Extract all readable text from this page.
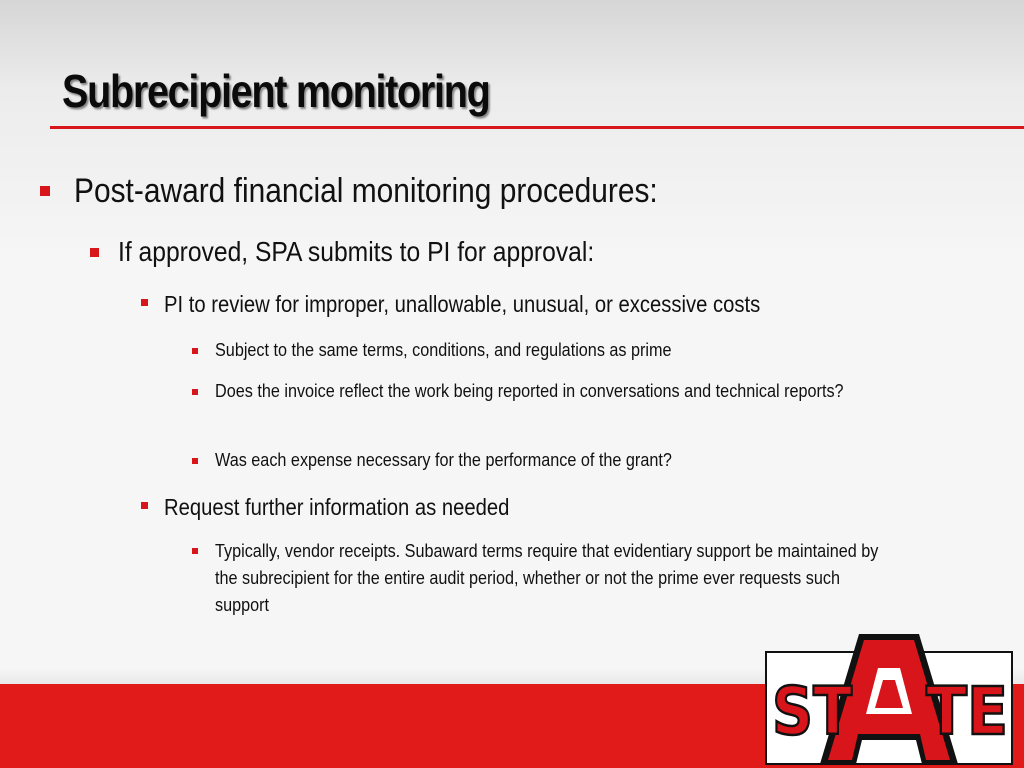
Subrecipient monitoring
Post-award financial monitoring procedures:
If approved, SPA submits to PI for approval:
PI to review for improper, unallowable, unusual, or excessive costs
Subject to the same terms, conditions, and regulations as prime
Does the invoice reflect the work being reported in conversations and technical reports?
Was each expense necessary for the performance of the grant?
Request further information as needed
Typically, vendor receipts. Subaward terms require that evidentiary support be maintained by the subrecipient for the entire audit period, whether or not the prime ever requests such support
ST TE
